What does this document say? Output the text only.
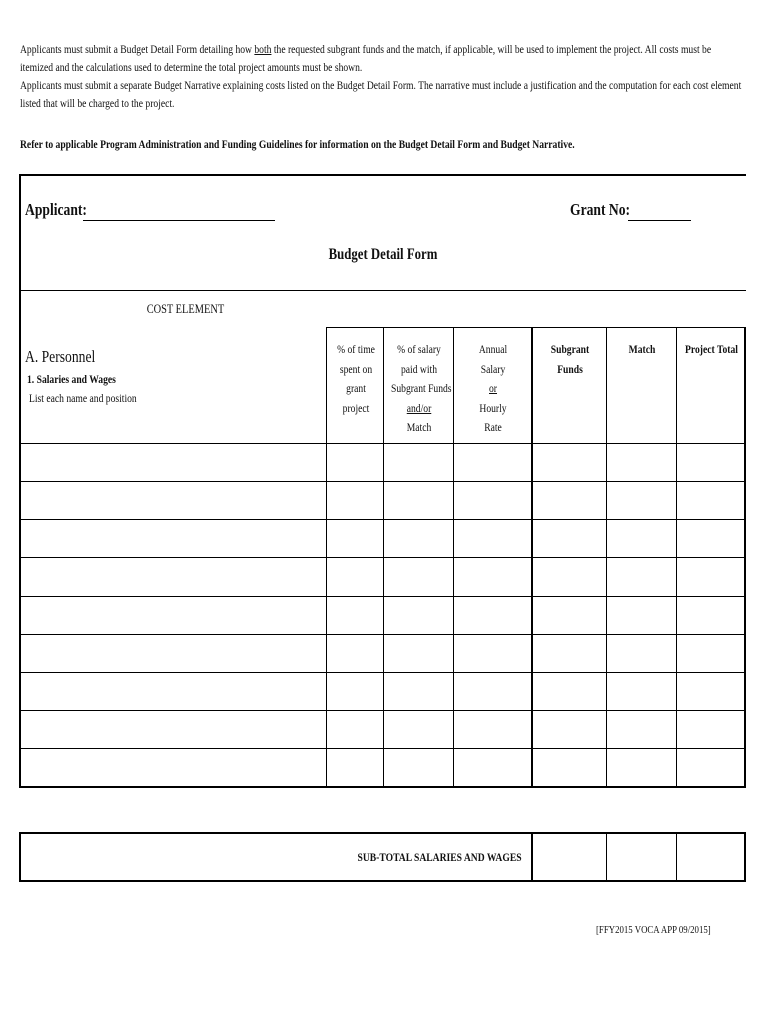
Applicants must submit a Budget Detail Form detailing how both the requested subgrant funds and the match, if applicable, will be used to implement the project. All costs must be
itemized and the calculations used to determine the total project amounts must be shown.
Applicants must submit a separate Budget Narrative explaining costs listed on the Budget Detail Form. The narrative must include a justification and the computation for each cost element
listed that will be charged to the project.
Refer to applicable Program Administration and Funding Guidelines for information on the Budget Detail Form and Budget Narrative.
Applicant:	Grant No:
Budget Detail Form
COST ELEMENT
A. Personnel
1. Salaries and Wages
List each name and position
% of time
spent on
grant
project
% of salary
paid with
Subgrant Funds
and/or
Match
Annual
Salary
or
Hourly
Rate
Subgrant
Funds
Match	Project Total
SUB-TOTAL SALARIES AND WAGES
[FFY2015 VOCA APP 09/2015]
